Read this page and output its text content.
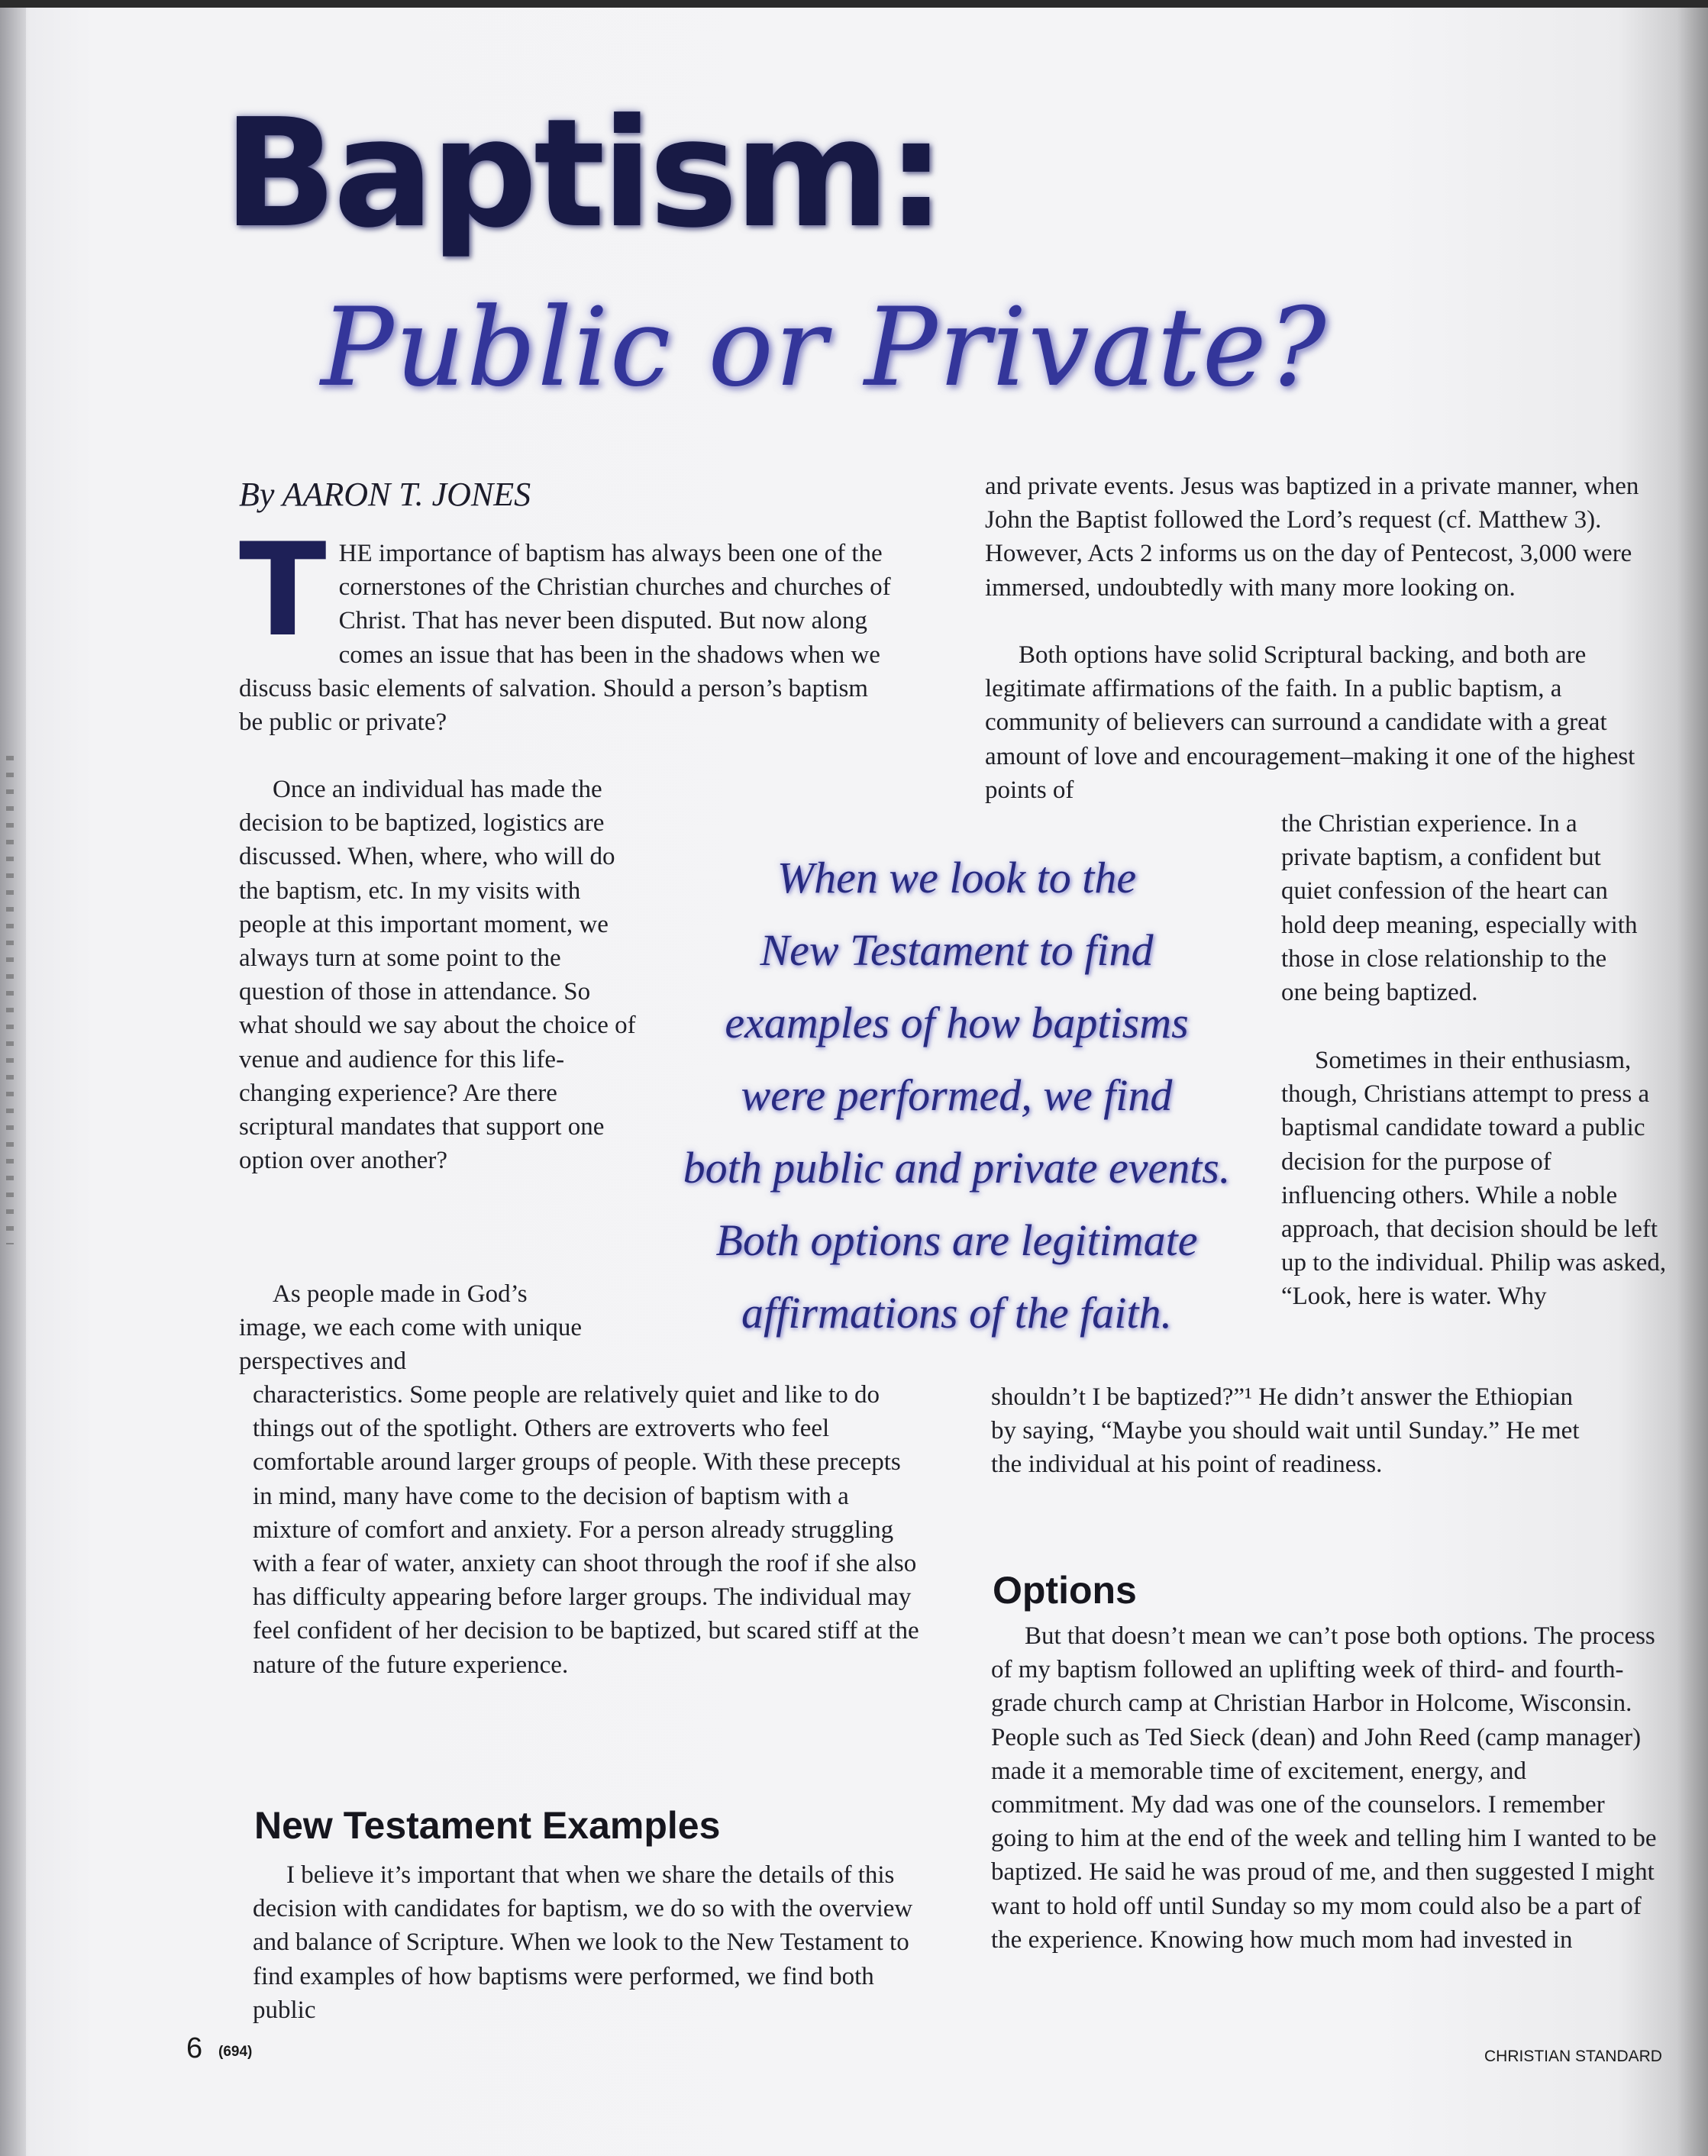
Baptism:
Public or Private?

By AARON T. JONES

THE importance of baptism has always been one of the cornerstones of the Christian churches and churches of Christ. That has never been disputed. But now along comes an issue that has been in the shadows when we discuss basic elements of salvation. Should a person’s baptism be public or private?

Once an individual has made the decision to be baptized, logistics are discussed. When, where, who will do the baptism, etc. In my visits with people at this important moment, we always turn at some point to the question of those in attendance. So what should we say about the choice of venue and audience for this life-changing experience? Are there scriptural mandates that support one option over another?

As people made in God’s image, we each come with unique perspectives and

characteristics. Some people are relatively quiet and like to do things out of the spotlight. Others are extroverts who feel comfortable around larger groups of people. With these precepts in mind, many have come to the decision of baptism with a mixture of comfort and anxiety. For a person already struggling with a fear of water, anxiety can shoot through the roof if she also has difficulty appearing before larger groups. The individual may feel confident of her decision to be baptized, but scared stiff at the nature of the future experience.

New Testament Examples

I believe it’s important that when we share the details of this decision with candidates for baptism, we do so with the overview and balance of Scripture. When we look to the New Testament to find examples of how baptisms were performed, we find both public

When we look to the
New Testament to find
examples of how baptisms
were performed, we find
both public and private events.
Both options are legitimate
affirmations of the faith.

and private events. Jesus was baptized in a private manner, when John the Baptist followed the Lord’s request (cf. Matthew 3). However, Acts 2 informs us on the day of Pentecost, 3,000 were immersed, undoubtedly with many more looking on.

Both options have solid Scriptural backing, and both are legitimate affirmations of the faith. In a public baptism, a community of believers can surround a candidate with a great amount of love and encouragement–making it one of the highest points of

the Christian experience. In a private baptism, a confident but quiet confession of the heart can hold deep meaning, especially with those in close relationship to the one being baptized.

Sometimes in their enthusiasm, though, Christians attempt to press a baptismal candidate toward a public decision for the purpose of influencing others. While a noble approach, that decision should be left up to the individual. Philip was asked, “Look, here is water. Why

shouldn’t I be baptized?”¹ He didn’t answer the Ethiopian by saying, “Maybe you should wait until Sunday.” He met the individual at his point of readiness.

Options

But that doesn’t mean we can’t pose both options. The process of my baptism followed an uplifting week of third- and fourth-grade church camp at Christian Harbor in Holcome, Wisconsin. People such as Ted Sieck (dean) and John Reed (camp manager) made it a memorable time of excitement, energy, and commitment. My dad was one of the counselors. I remember going to him at the end of the week and telling him I wanted to be baptized. He said he was proud of me, and then suggested I might want to hold off until Sunday so my mom could also be a part of the experience. Knowing how much mom had invested in

6 (694)	CHRISTIAN STANDARD
